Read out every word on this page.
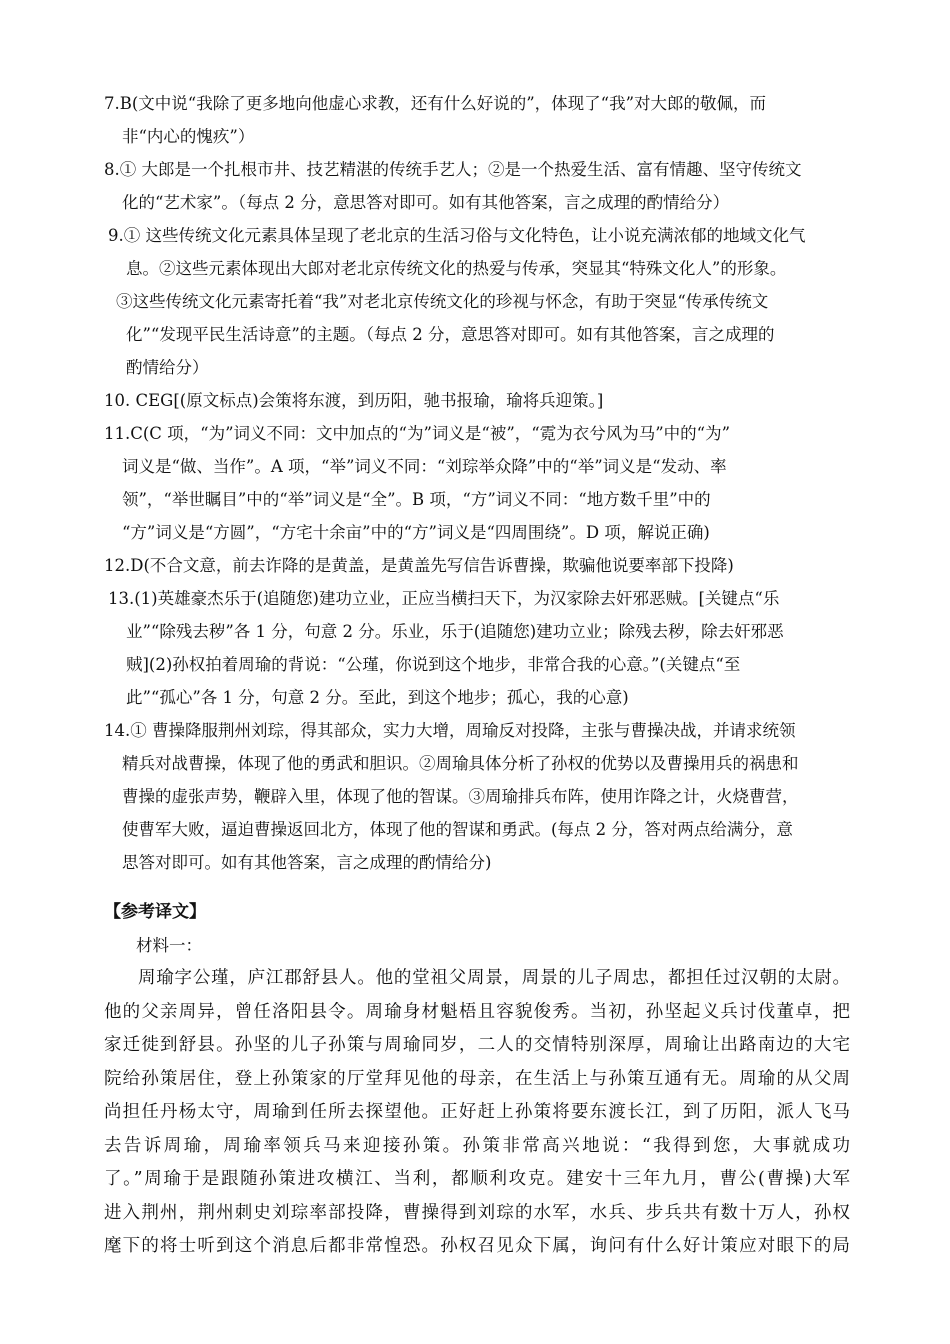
7.B(文中说“我除了更多地向他虚心求教，还有什么好说的”，体现了“我”对大郎的敬佩，而

非“内心的愧疚”）

8.① 大郎是一个扎根市井、技艺精湛的传统手艺人；②是一个热爱生活、富有情趣、坚守传统文

化的“艺术家”。（每点 2 分，意思答对即可。如有其他答案，言之成理的酌情给分）

9.① 这些传统文化元素具体呈现了老北京的生活习俗与文化特色，让小说充满浓郁的地域文化气

息。②这些元素体现出大郎对老北京传统文化的热爱与传承，突显其“特殊文化人”的形象。

③这些传统文化元素寄托着“我”对老北京传统文化的珍视与怀念，有助于突显“传承传统文

化”“发现平民生活诗意”的主题。（每点 2 分，意思答对即可。如有其他答案，言之成理的

酌情给分）

10. CEG[(原文标点)会策将东渡，到历阳，驰书报瑜，瑜将兵迎策。]

11.C(C 项，“为”词义不同：文中加点的“为”词义是“被”，“霓为衣兮风为马”中的“为”

词义是“做、当作”。A 项，“举”词义不同：“刘琮举众降”中的“举”词义是“发动、率

领”，“举世瞩目”中的“举”词义是“全”。B 项，“方”词义不同：“地方数千里”中的

“方”词义是“方圆”，“方宅十余亩”中的“方”词义是“四周围绕”。D 项，解说正确)

12.D(不合文意，前去诈降的是黄盖，是黄盖先写信告诉曹操，欺骗他说要率部下投降)

13.(1)英雄豪杰乐于(追随您)建功立业，正应当横扫天下，为汉家除去奸邪恶贼。[关键点“乐

业”“除残去秽”各 1 分，句意 2 分。乐业，乐于(追随您)建功立业；除残去秽，除去奸邪恶

贼](2)孙权拍着周瑜的背说：“公瑾，你说到这个地步，非常合我的心意。”(关键点“至

此”“孤心”各 1 分，句意 2 分。至此，到这个地步；孤心，我的心意)

14.① 曹操降服荆州刘琮，得其部众，实力大增，周瑜反对投降，主张与曹操决战，并请求统领

精兵对战曹操，体现了他的勇武和胆识。②周瑜具体分析了孙权的优势以及曹操用兵的祸患和

曹操的虚张声势，鞭辟入里，体现了他的智谋。③周瑜排兵布阵，使用诈降之计，火烧曹营，

使曹军大败，逼迫曹操返回北方，体现了他的智谋和勇武。(每点 2 分，答对两点给满分，意

思答对即可。如有其他答案，言之成理的酌情给分)

【参考译文】
材料一：

周瑜字公瑾，庐江郡舒县人。他的堂祖父周景，周景的儿子周忠，都担任过汉朝的太尉。

他的父亲周异，曾任洛阳县令。周瑜身材魁梧且容貌俊秀。当初，孙坚起义兵讨伐董卓，把

家迁徙到舒县。孙坚的儿子孙策与周瑜同岁，二人的交情特别深厚，周瑜让出路南边的大宅

院给孙策居住，登上孙策家的厅堂拜见他的母亲，在生活上与孙策互通有无。周瑜的从父周

尚担任丹杨太守，周瑜到任所去探望他。正好赶上孙策将要东渡长江，到了历阳，派人飞马

去告诉周瑜，周瑜率领兵马来迎接孙策。孙策非常高兴地说：“我得到您，大事就成功

了。”周瑜于是跟随孙策进攻横江、当利，都顺利攻克。建安十三年九月，曹公(曹操)大军

进入荆州，荆州刺史刘琮率部投降，曹操得到刘琮的水军，水兵、步兵共有数十万人，孙权

麾下的将士听到这个消息后都非常惶恐。孙权召见众下属，询问有什么好计策应对眼下的局
